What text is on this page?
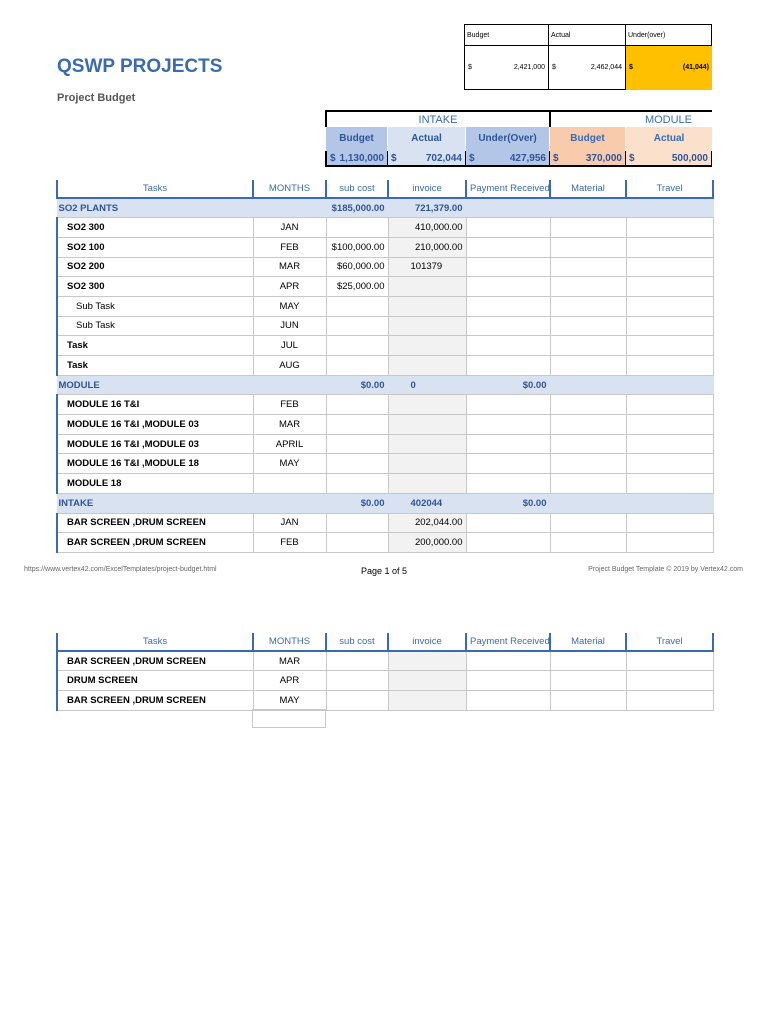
QSWP PROJECTS
Project Budget
Budget	Actual	Under(over)
$	2,421,000 $	2,462,044 $	(41,044)
INTAKE	MODULE
Budget	Actual	Under(Over)	Budget	Actual
$ 1,130,000 $	702,044 $	427,956 $	370,000 $	500,000
Tasks	MONTHS	sub cost	invoice	Payment Received	Material	Travel
SO2 PLANTS		$185,000.00	721,379.00			
SO2 300	JAN		410,000.00			
SO2 100	FEB	$100,000.00	210,000.00			
SO2 200	MAR	$60,000.00	101379			
SO2 300	APR	$25,000.00				
Sub Task	MAY					
Sub Task	JUN					
Task	JUL					
Task	AUG					
MODULE		$0.00	0	$0.00		
MODULE 16 T&I	FEB					
MODULE 16 T&I ,MODULE 03	MAR					
MODULE 16 T&I ,MODULE 03	APRIL					
MODULE 16 T&I ,MODULE 18	MAY					
MODULE 18						
INTAKE		$0.00	402044	$0.00		
BAR SCREEN ,DRUM SCREEN	JAN		202,044.00			
BAR SCREEN ,DRUM SCREEN	FEB		200,000.00			
https://www.vertex42.com/ExcelTemplates/project-budget.html	Page 1 of 5	Project Budget Template © 2019 by Vertex42.com
Tasks	MONTHS	sub cost	invoice	Payment Received	Material	Travel
BAR SCREEN ,DRUM SCREEN	MAR					
DRUM SCREEN	APR					
BAR SCREEN ,DRUM SCREEN	MAY					
